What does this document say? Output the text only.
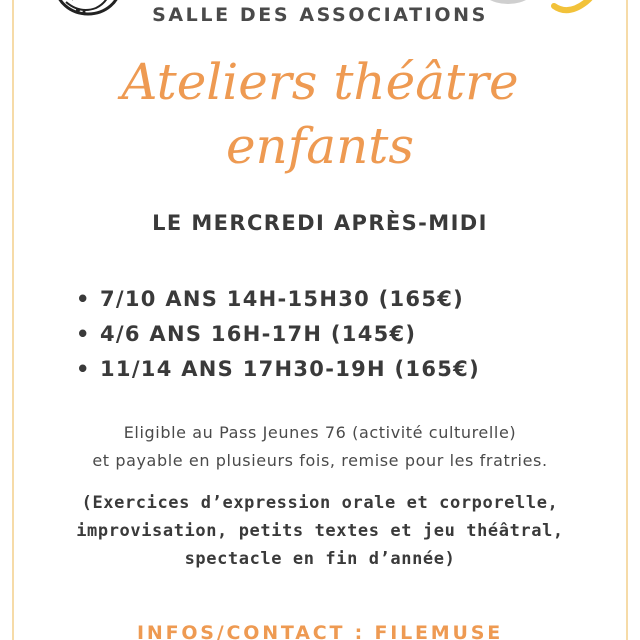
SALLE DES ASSOCIATIONS
Ateliers théâtre
enfants
LE MERCREDI APRÈS-MIDI
• 7/10 ANS 14H-15H30 (165€)
• 4/6 ANS 16H-17H (145€)
• 11/14 ANS 17H30-19H (165€)
Eligible au Pass Jeunes 76 (activité culturelle)
et payable en plusieurs fois, remise pour les fratries.
(Exercices d’expression orale et corporelle,
improvisation, petits textes et jeu théâtral,
spectacle en fin d’année)
INFOS/CONTACT : FILEMUSE
